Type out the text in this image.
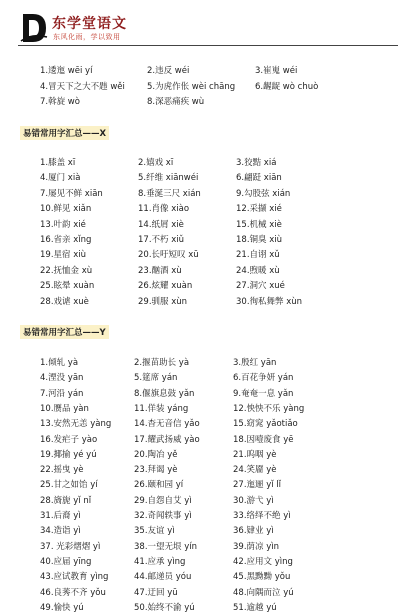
东学堂语文
东风化雨，学以致用
1.逶迤 wēi yí	2.违反 wéi	3.崔嵬 wéi
4.冒天下之大不韪 wěi	5.为虎作伥 wèi chāng 6.龌龊 wò chuò
7.斡旋 wò	8.深恶痛疾 wù
易错常用字汇总——X
1.膝盖 xī	2.嬉戏 xī	3.狡黠 xiá
4.厦门 xià	5.纤维 xiānwéi	6.翩跹 xiān
7.屡见不鲜 xiān	8.垂涎三尺 xián	9.勾股弦 xián
10.鲜见 xiǎn	11.肖像 xiào	12.采撷 xié
13.叶韵 xié	14.纸屑 xiè	15.机械 xiè
16.省亲 xǐng	17.不朽 xiǔ	18.铜臭 xiù
19.星宿 xiù	20.长吁短叹 xū	21.自诩 xǔ
22.抚恤金 xù	23.酗酒 xù	24.煦暖 xù
25.眩晕 xuàn	26.炫耀 xuàn	27.洞穴 xué
28.戏谑 xuè	29.驯服 xùn	30.徇私舞弊 xùn
易错常用字汇总——Y
1.倾轧 yà	2.揠苗助长 yà	3.殷红 yān
4.湮没 yān	5.筵席 yán	6.百花争妍 yán
7.河沿 yán	8.偃旗息鼓 yǎn	9.奄奄一息 yǎn
10.赝品 yàn	11.佯装 yáng	12.怏怏不乐 yàng
13.安然无恙 yàng	14.杳无音信 yǎo	15.窈窕 yǎotiǎo
16.发疟子 yào	17.耀武扬威 yào	18.因噎废食 yē
19.揶揄 yé yú	20.陶冶 yě	21.呜咽 yè
22.摇曳 yè	23.拜谒 yè	24.笑靥 yè
25.甘之如饴 yí	26.颐和园 yí	27.迤逦 yǐ lǐ
28.旖旎 yǐ nǐ	29.自怨自艾 yì	30.游弋 yì
31.后裔 yì	32.奇闻轶事 yì	33.络绎不绝 yì
34.造诣 yì	35.友谊 yì	36.肄业 yì
37. 光彩熠熠 yì	38.一望无垠 yín	39.荫凉 yìn
40.应届 yīng	41.应承 yìng	42.应用文 yìng
43.应试教育 yìng	44.邮递员 yóu	45.黑黝黝 yǒu
46.良莠不齐 yǒu	47.迂回 yū	48.向隅而泣 yú
49.愉快 yú	50.始终不渝 yú	51.逾越 yú
